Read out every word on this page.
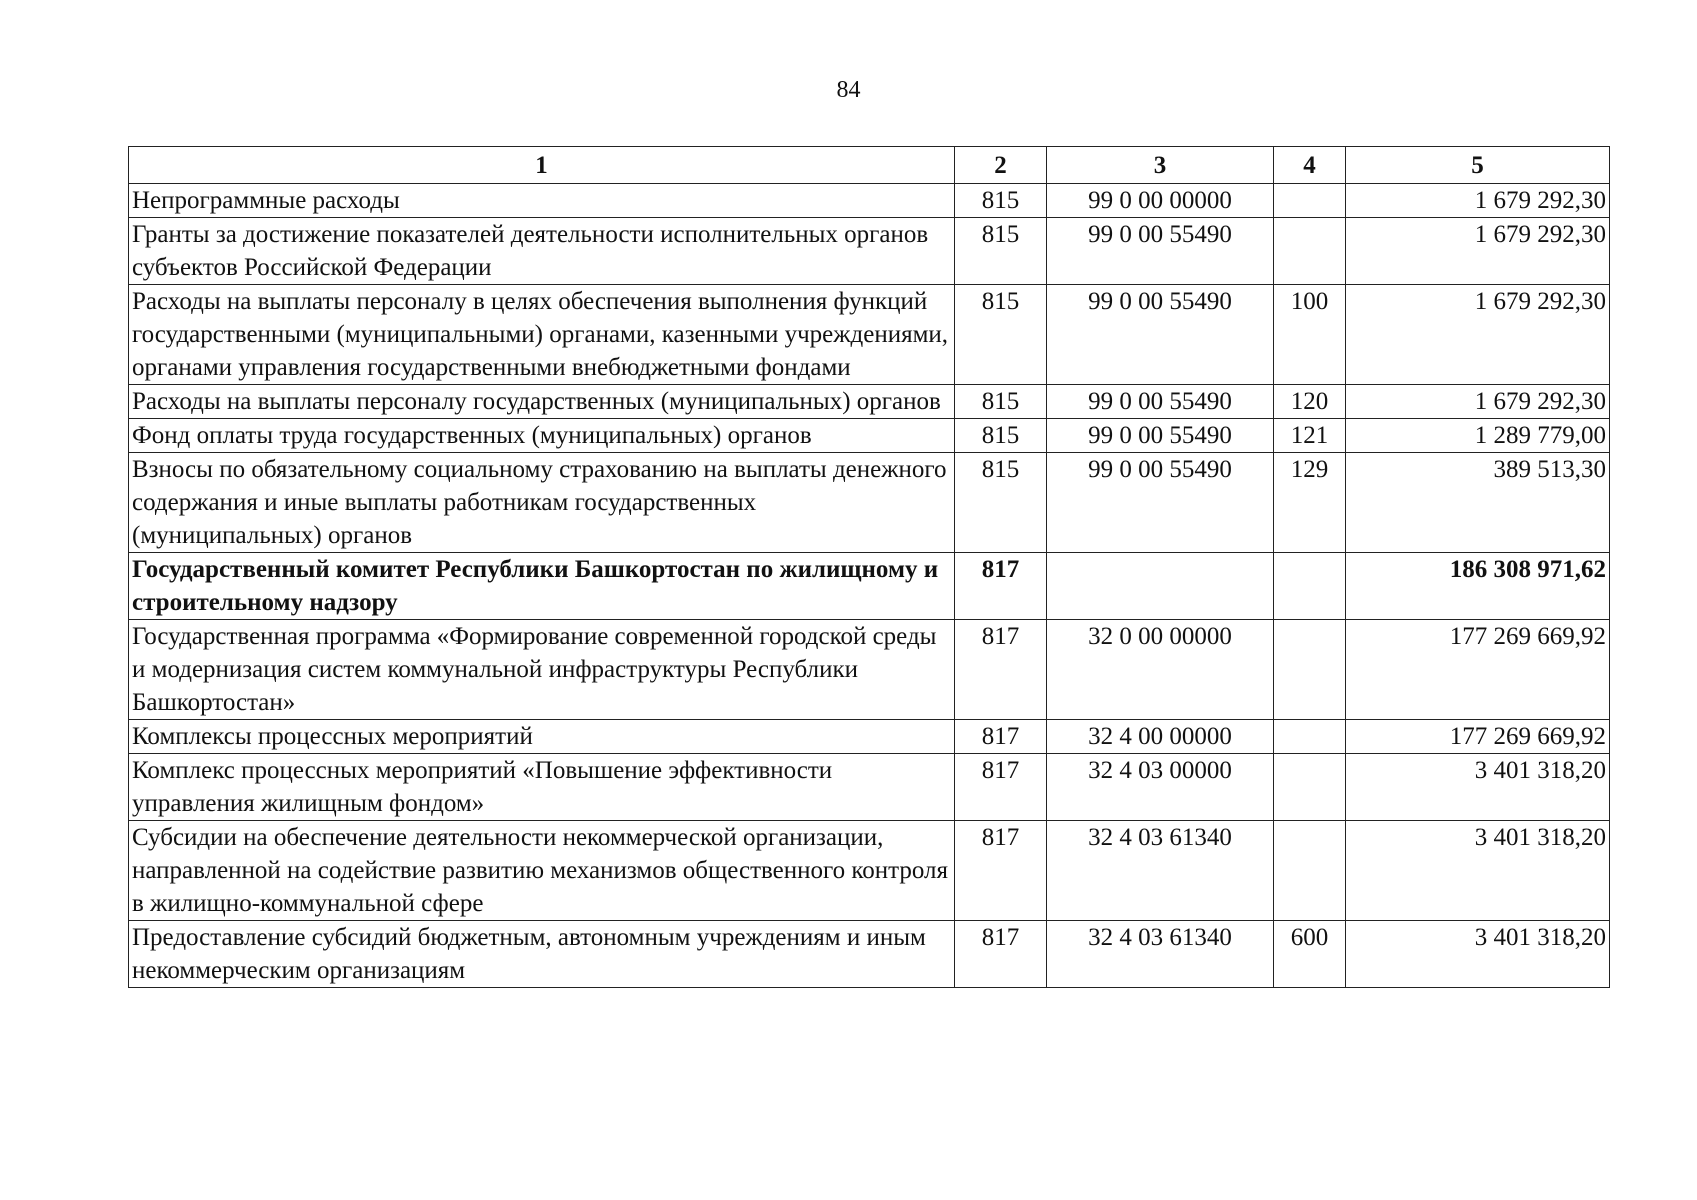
84
1	2	3	4	5
Непрограммные расходы	815	99 0 00 00000		1 679 292,30
Гранты за достижение показателей деятельности исполнительных органов субъектов Российской Федерации	815	99 0 00 55490		1 679 292,30
Расходы на выплаты персоналу в целях обеспечения выполнения функций государственными (муниципальными) органами, казенными учреждениями, органами управления государственными внебюджетными фондами	815	99 0 00 55490	100	1 679 292,30
Расходы на выплаты персоналу государственных (муниципальных) органов	815	99 0 00 55490	120	1 679 292,30
Фонд оплаты труда государственных (муниципальных) органов	815	99 0 00 55490	121	1 289 779,00
Взносы по обязательному социальному страхованию на выплаты денежного содержания и иные выплаты работникам государственных (муниципальных) органов	815	99 0 00 55490	129	389 513,30
Государственный комитет Республики Башкортостан по жилищному и строительному надзору	817			186 308 971,62
Государственная программа «Формирование современной городской среды и модернизация систем коммунальной инфраструктуры Республики Башкортостан»	817	32 0 00 00000		177 269 669,92
Комплексы процессных мероприятий	817	32 4 00 00000		177 269 669,92
Комплекс процессных мероприятий «Повышение эффективности управления жилищным фондом»	817	32 4 03 00000		3 401 318,20
Субсидии на обеспечение деятельности некоммерческой организации, направленной на содействие развитию механизмов общественного контроля в жилищно-коммунальной сфере	817	32 4 03 61340		3 401 318,20
Предоставление субсидий бюджетным, автономным учреждениям и иным некоммерческим организациям	817	32 4 03 61340	600	3 401 318,20
